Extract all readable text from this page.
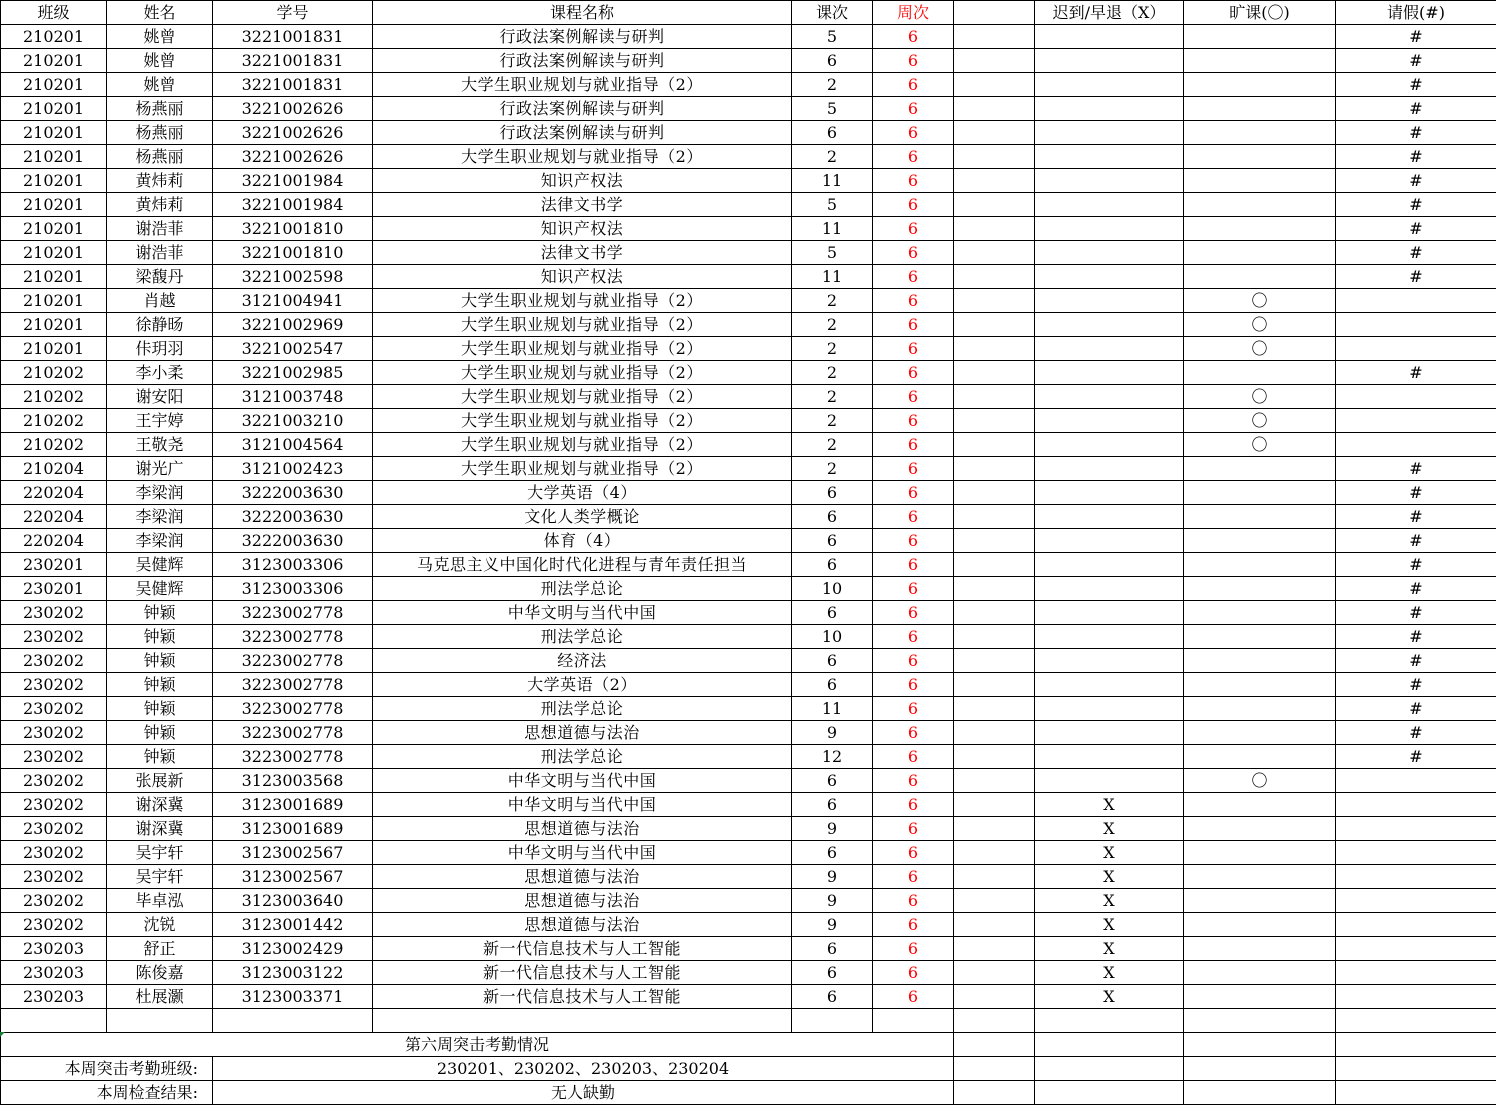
班级	姓名	学号	课程名称	课次	周次		迟到/早退（X）	旷课(〇)	请假(#)
210201	姚曾	3221001831	行政法案例解读与研判	5	6				#
210201	姚曾	3221001831	行政法案例解读与研判	6	6				#
210201	姚曾	3221001831	大学生职业规划与就业指导（2）	2	6				#
210201	杨燕丽	3221002626	行政法案例解读与研判	5	6				#
210201	杨燕丽	3221002626	行政法案例解读与研判	6	6				#
210201	杨燕丽	3221002626	大学生职业规划与就业指导（2）	2	6				#
210201	黄炜莉	3221001984	知识产权法	11	6				#
210201	黄炜莉	3221001984	法律文书学	5	6				#
210201	谢浩菲	3221001810	知识产权法	11	6				#
210201	谢浩菲	3221001810	法律文书学	5	6				#
210201	梁馥丹	3221002598	知识产权法	11	6				#
210201	肖越	3121004941	大学生职业规划与就业指导（2）	2	6			〇	
210201	徐静旸	3221002969	大学生职业规划与就业指导（2）	2	6			〇	
210201	佧玥羽	3221002547	大学生职业规划与就业指导（2）	2	6			〇	
210202	李小柔	3221002985	大学生职业规划与就业指导（2）	2	6				#
210202	谢安阳	3121003748	大学生职业规划与就业指导（2）	2	6			〇	
210202	王宇婷	3221003210	大学生职业规划与就业指导（2）	2	6			〇	
210202	王敬尧	3121004564	大学生职业规划与就业指导（2）	2	6			〇	
210204	谢光广	3121002423	大学生职业规划与就业指导（2）	2	6				#
220204	李梁润	3222003630	大学英语（4）	6	6				#
220204	李梁润	3222003630	文化人类学概论	6	6				#
220204	李梁润	3222003630	体育（4）	6	6				#
230201	吴健辉	3123003306	马克思主义中国化时代化进程与青年责任担当	6	6				#
230201	吴健辉	3123003306	刑法学总论	10	6				#
230202	钟颖	3223002778	中华文明与当代中国	6	6				#
230202	钟颖	3223002778	刑法学总论	10	6				#
230202	钟颖	3223002778	经济法	6	6				#
230202	钟颖	3223002778	大学英语（2）	6	6				#
230202	钟颖	3223002778	刑法学总论	11	6				#
230202	钟颖	3223002778	思想道德与法治	9	6				#
230202	钟颖	3223002778	刑法学总论	12	6				#
230202	张展新	3123003568	中华文明与当代中国	6	6			〇	
230202	谢深冀	3123001689	中华文明与当代中国	6	6		X		
230202	谢深冀	3123001689	思想道德与法治	9	6		X		
230202	吴宇轩	3123002567	中华文明与当代中国	6	6		X		
230202	吴宇轩	3123002567	思想道德与法治	9	6		X		
230202	毕卓泓	3123003640	思想道德与法治	9	6		X		
230202	沈锐	3123001442	思想道德与法治	9	6		X		
230203	舒正	3123002429	新一代信息技术与人工智能	6	6		X		
230203	陈俊嘉	3123003122	新一代信息技术与人工智能	6	6		X		
230203	杜展灏	3123003371	新一代信息技术与人工智能	6	6		X		

第六周突击考勤情况									
本周突击考勤班级:		230201、230202、230203、230204							
本周检查结果:		无人缺勤							
